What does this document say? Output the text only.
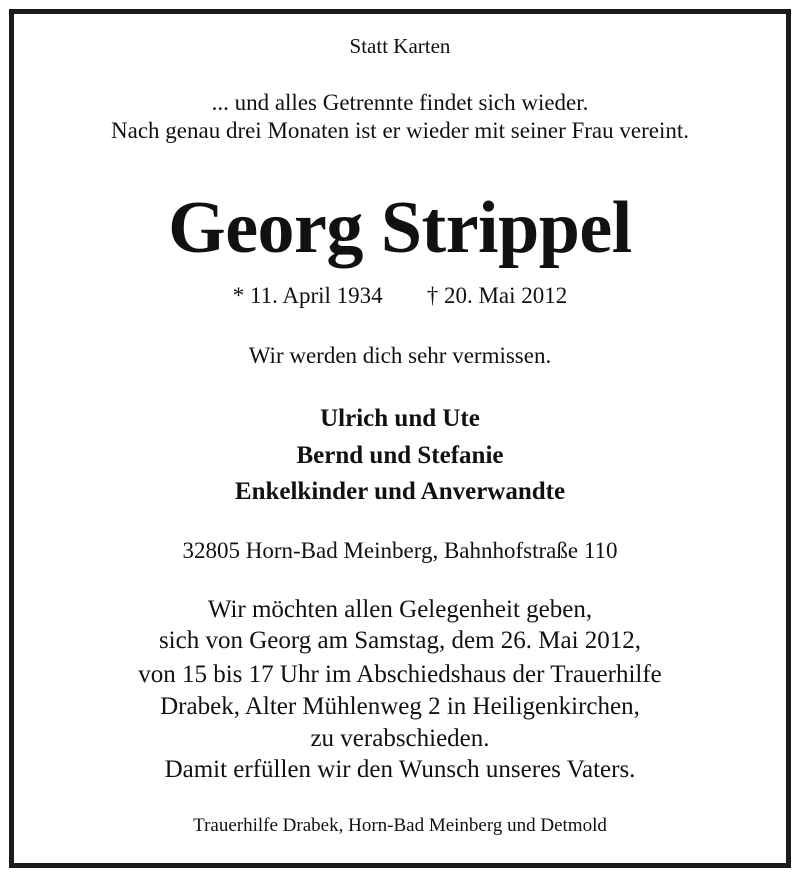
Statt Karten
... und alles Getrennte findet sich wieder.
Nach genau drei Monaten ist er wieder mit seiner Frau vereint.
Georg Strippel
* 11. April 1934 † 20. Mai 2012
Wir werden dich sehr vermissen.
Ulrich und Ute
Bernd und Stefanie
Enkelkinder und Anverwandte
32805 Horn-Bad Meinberg, Bahnhofstraße 110
Wir möchten allen Gelegenheit geben,
sich von Georg am Samstag, dem 26. Mai 2012,
von 15 bis 17 Uhr im Abschiedshaus der Trauerhilfe
Drabek, Alter Mühlenweg 2 in Heiligenkirchen,
zu verabschieden.
Damit erfüllen wir den Wunsch unseres Vaters.
Trauerhilfe Drabek, Horn-Bad Meinberg und Detmold
